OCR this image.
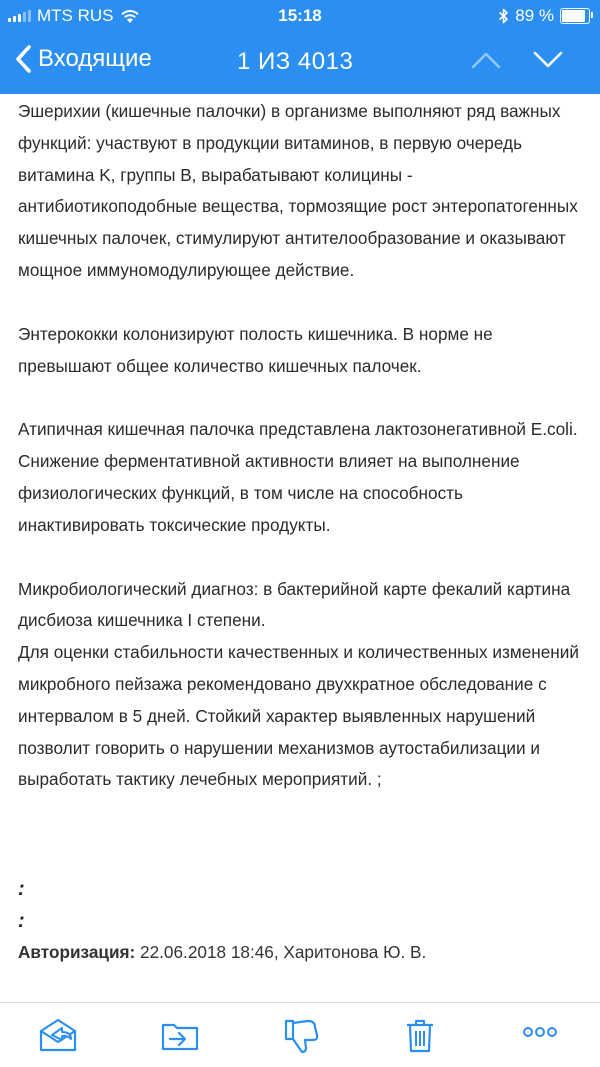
MTS RUS	15:18	89 %
Входящие	1 ИЗ 4013

Эшерихии (кишечные палочки) в организме выполняют ряд важных функций: участвуют в продукции витаминов, в первую очередь витамина K, группы B, вырабатывают колицины - антибиотикоподобные вещества, тормозящие рост энтеропатогенных кишечных палочек, стимулируют антителообразование и оказывают мощное иммуномодулирующее действие.

Энтерококки колонизируют полость кишечника. В норме не превышают общее количество кишечных палочек.

Атипичная кишечная палочка представлена лактозонегативной E.coli. Снижение ферментативной активности влияет на выполнение физиологических функций, в том числе на способность инактивировать токсические продукты.

Микробиологический диагноз: в бактерийной карте фекалий картина дисбиоза кишечника I степени.

Для оценки стабильности качественных и количественных изменений микробного пейзажа рекомендовано двухкратное обследование с интервалом в 5 дней. Стойкий характер выявленных нарушений позволит говорить о нарушении механизмов аутостабилизации и выработать тактику лечебных мероприятий. ;

:
:
Авторизация: 22.06.2018 18:46, Харитонова Ю. В.
